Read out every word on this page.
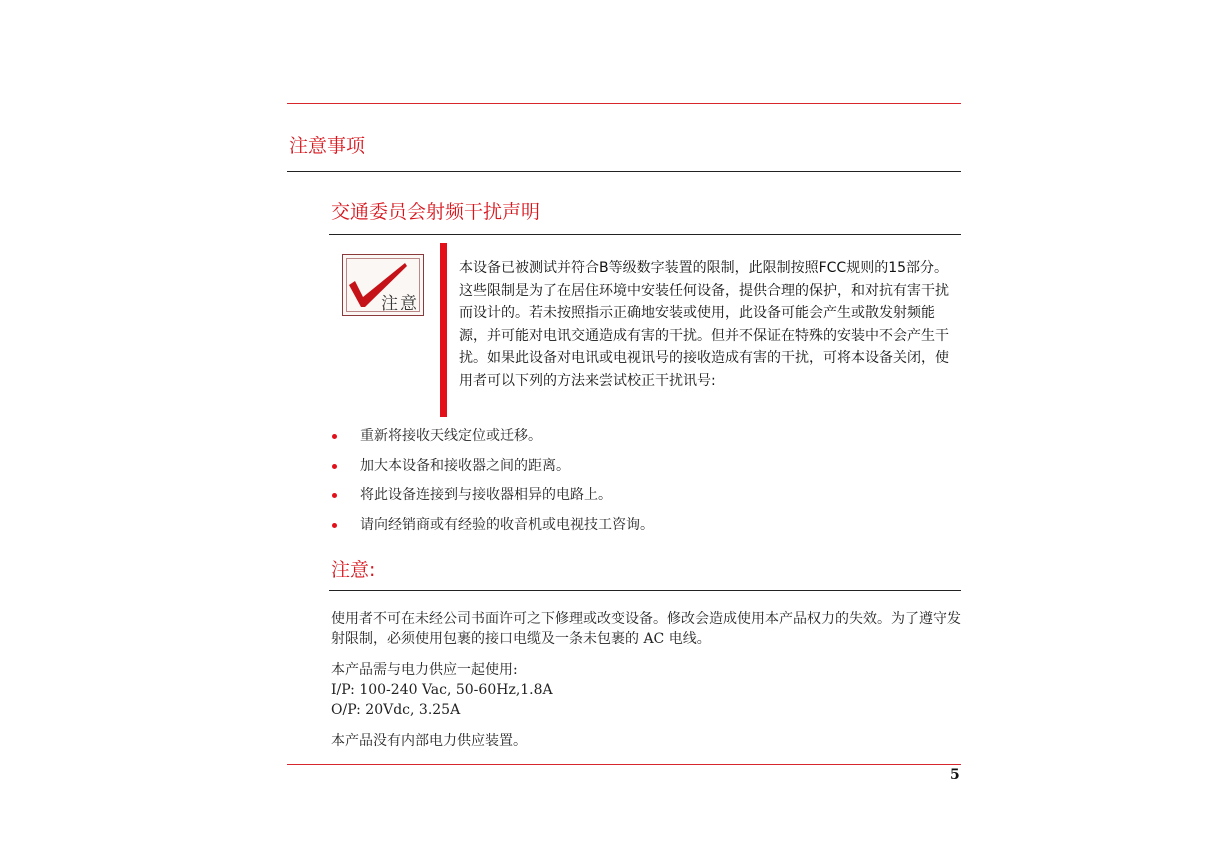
注意事项
交通委员会射频干扰声明
注意
本设备已被测试并符合B等级数字装置的限制，此限制按照FCC规则的15部分。这些限制是为了在居住环境中安装任何设备，提供合理的保护，和对抗有害干扰而设计的。若未按照指示正确地安装或使用，此设备可能会产生或散发射频能源，并可能对电讯交通造成有害的干扰。但并不保证在特殊的安装中不会产生干扰。如果此设备对电讯或电视讯号的接收造成有害的干扰，可将本设备关闭，使用者可以下列的方法来尝试校正干扰讯号:
重新将接收天线定位或迁移。
加大本设备和接收器之间的距离。
将此设备连接到与接收器相异的电路上。
请向经销商或有经验的收音机或电视技工咨询。
注意:
使用者不可在未经公司书面许可之下修理或改变设备。修改会造成使用本产品权力的失效。为了遵守发射限制，必须使用包裹的接口电缆及一条未包裹的 AC 电线。
本产品需与电力供应一起使用:
I/P: 100-240 Vac, 50-60Hz,1.8A
O/P: 20Vdc, 3.25A
本产品没有内部电力供应装置。
5
